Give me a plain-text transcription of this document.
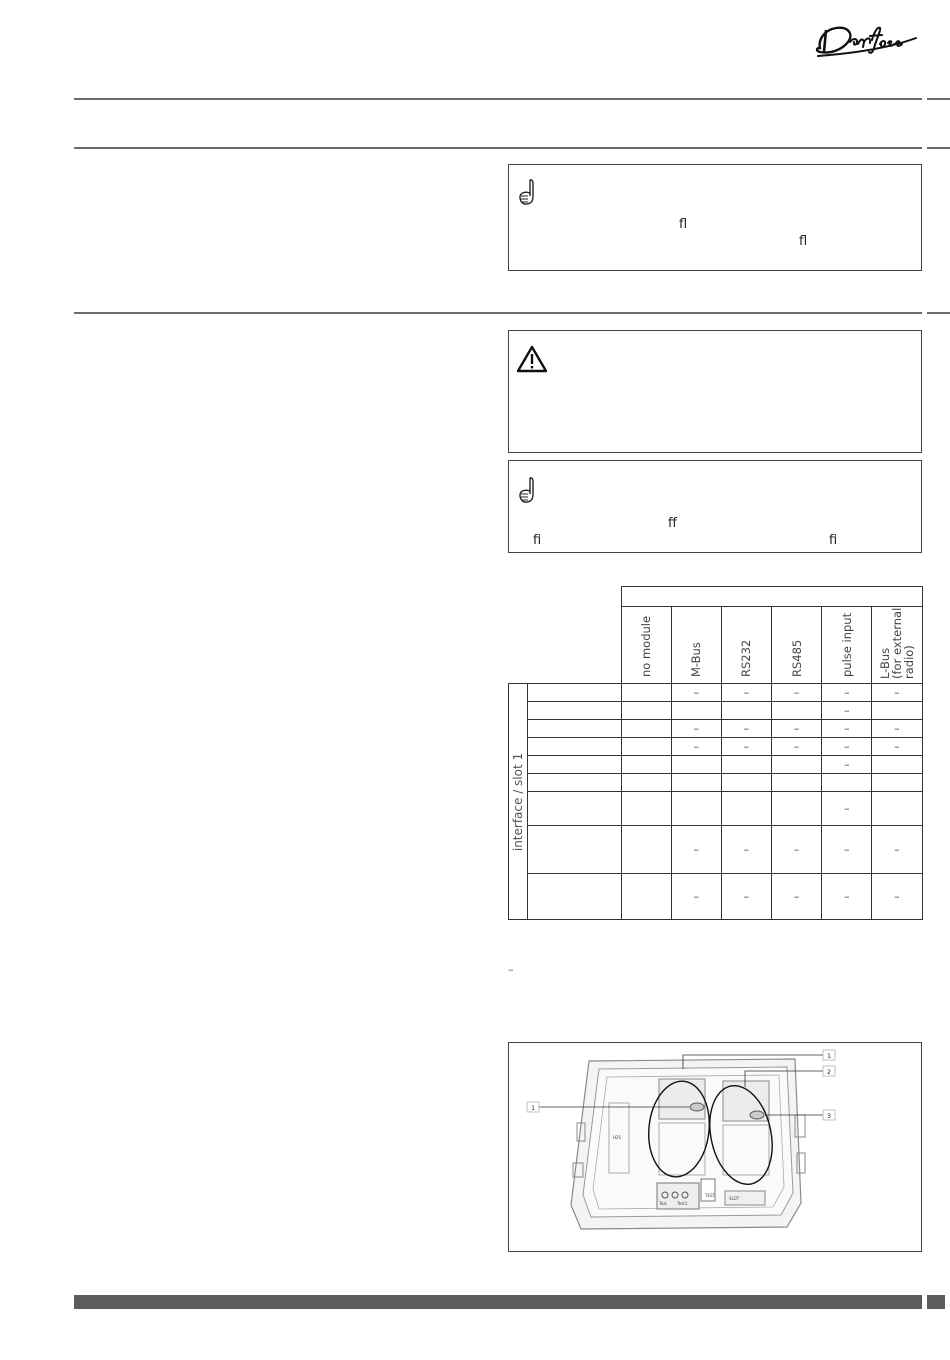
ﬂ
ﬂ
ﬀ
ﬁ	ﬁ

		no module	M-Bus	RS232	RS485	pulse input	L-Bus
(for external
radio)

interface / slot 1			–	–	–	–	–
						–	
			–	–	–	–	–
			–	–	–	–	–
						–	

						–	
			–	–	–	–	–
			–	–	–	–	–
–
TEST
Test	Test1
H2S
SLOT
1
2
3
1
